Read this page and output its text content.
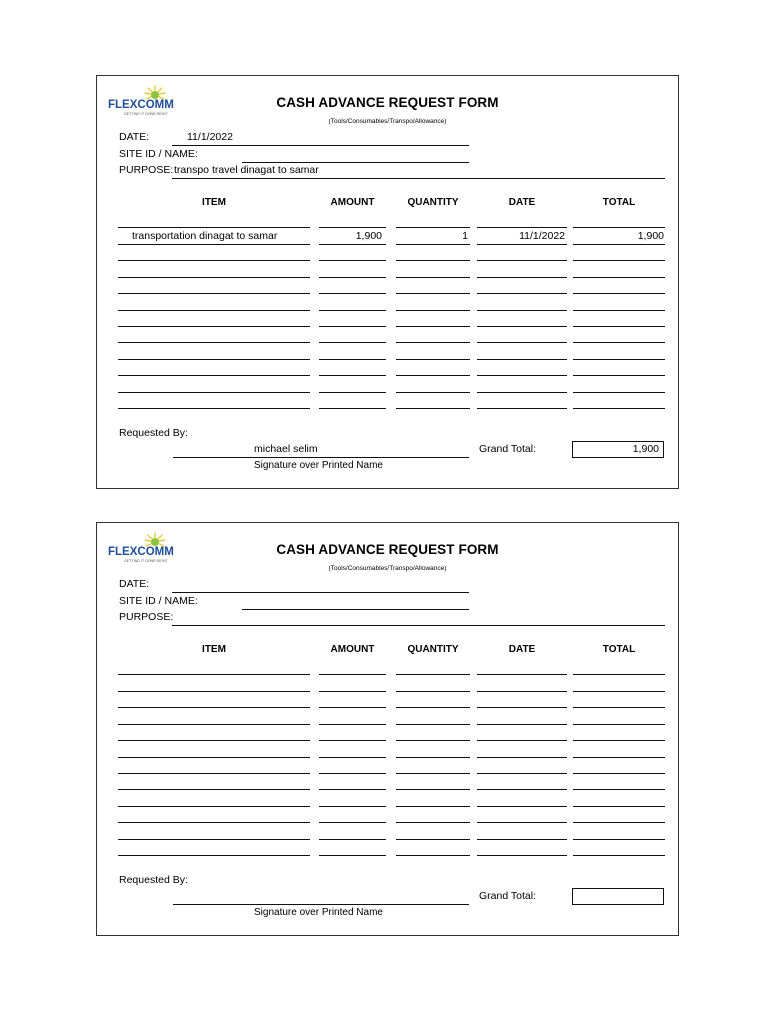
FLEXCOMM
GETTING IT DONE RIGHT
CASH ADVANCE REQUEST FORM
(Tools/Consumables/Transpo/Allowance)
DATE:	11/1/2022
SITE ID / NAME:
PURPOSE: transpo travel dinagat to samar
ITEM	AMOUNT	QUANTITY	DATE	TOTAL
transportation dinagat to samar	1,900	1	11/1/2022	1,900
Requested By:
michael selim
Signature over Printed Name
Grand Total:	1,900
FLEXCOMM
GETTING IT DONE RIGHT
CASH ADVANCE REQUEST FORM
(Tools/Consumables/Transpo/Allowance)
DATE:
SITE ID / NAME:
PURPOSE:
ITEM	AMOUNT	QUANTITY	DATE	TOTAL
Requested By:
Signature over Printed Name
Grand Total:
